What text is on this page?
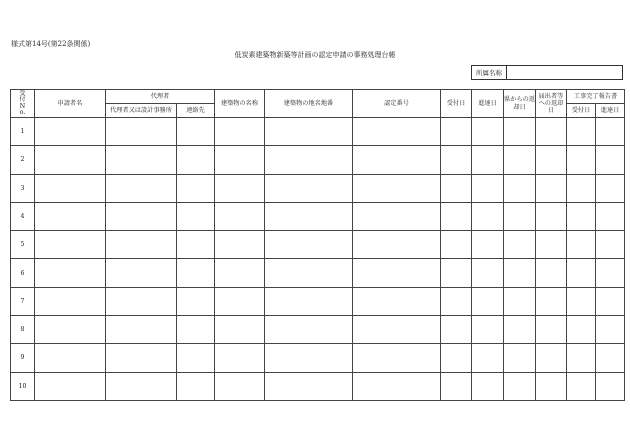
様式第14号(第22条関係)
低炭素建築物新築等計画の認定申請の事務処理台帳
所属名称
受付No.	申請者名	代理者		建築物の名称	建築物の地名地番	認定番号	受付日	進達日	県からの返却日	届出者等への返却日	工事完了報告書	
		代理者又は設計事務所	連絡先								受付日	進達日
1												
2												
3												
4												
5												
6												
7												
8												
9												
10												
